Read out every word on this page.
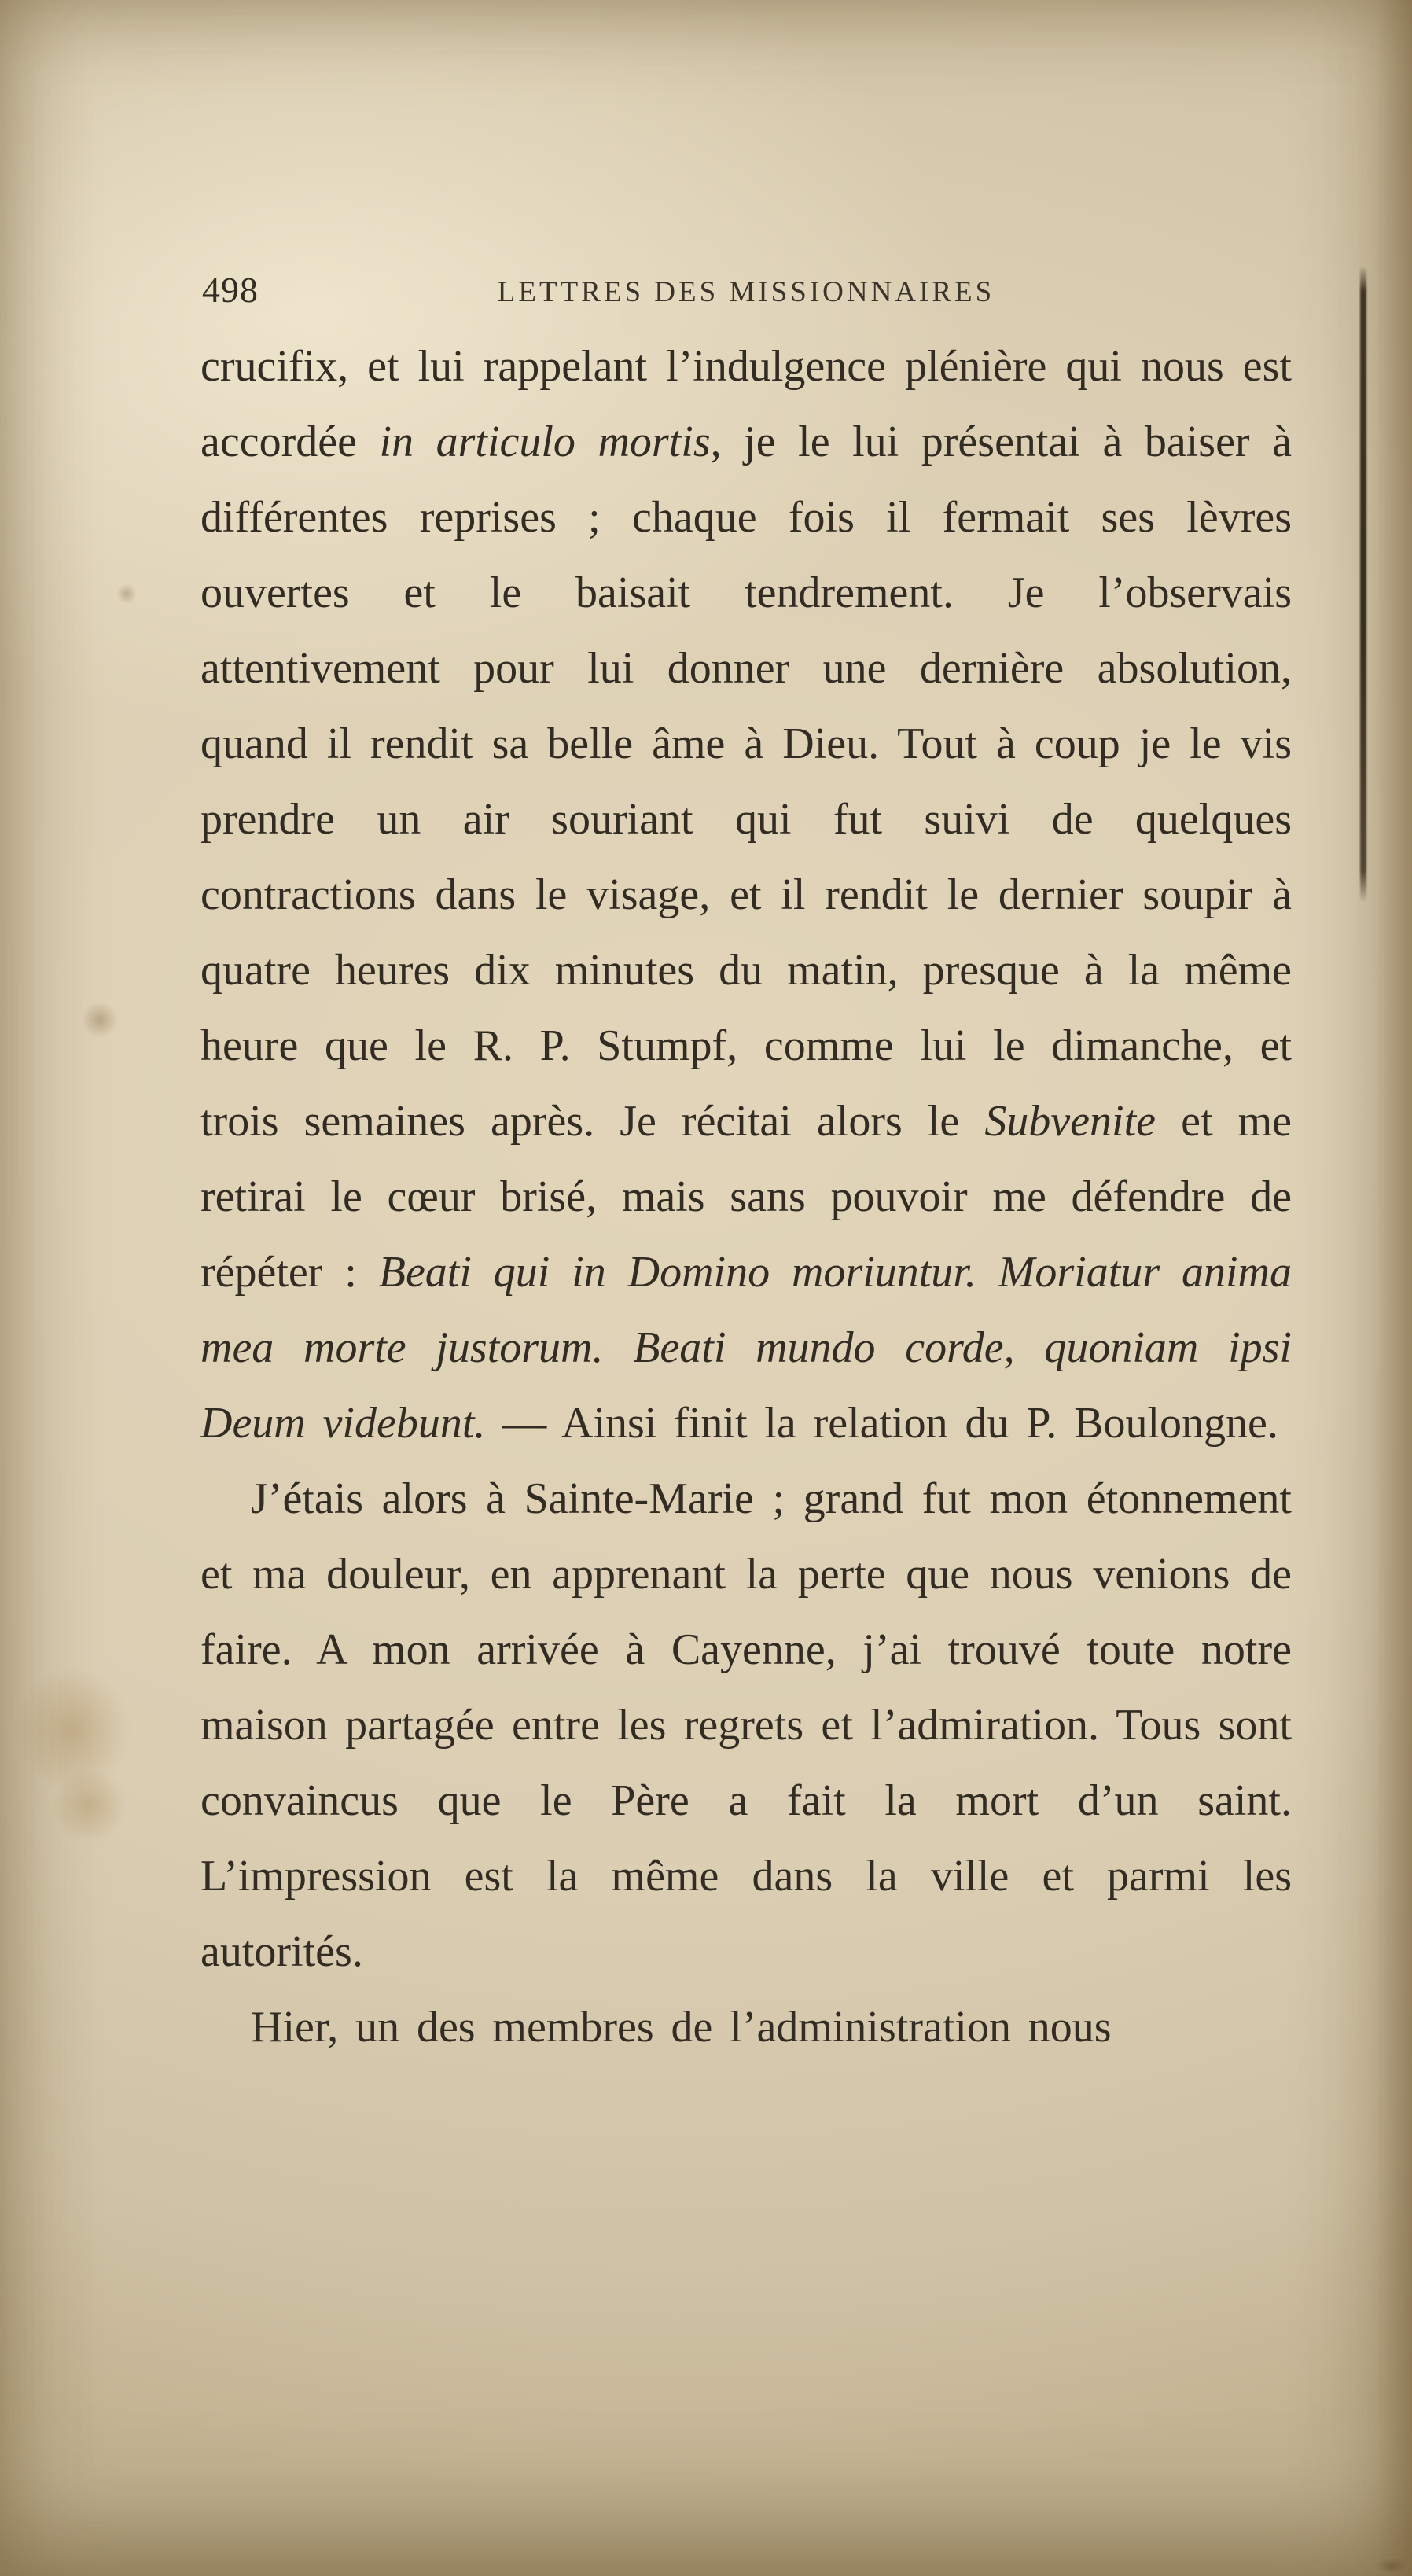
498	LETTRES DES MISSIONNAIRES

crucifix, et lui rappelant l’indulgence plénière qui nous est accordée in articulo mortis, je le lui présentai à baiser à différentes reprises ; chaque fois il fermait ses lèvres ouvertes et le baisait tendrement. Je l’observais attentivement pour lui donner une dernière absolution, quand il rendit sa belle âme à Dieu. Tout à coup je le vis prendre un air souriant qui fut suivi de quelques contractions dans le visage, et il rendit le dernier soupir à quatre heures dix minutes du matin, presque à la même heure que le R. P. Stumpf, comme lui le dimanche, et trois semaines après. Je récitai alors le Subvenite et me retirai le cœur brisé, mais sans pouvoir me défendre de répéter : Beati qui in Domino moriuntur. Moriatur anima mea morte justorum. Beati mundo corde, quoniam ipsi Deum videbunt. — Ainsi finit la relation du P. Boulongne.

J’étais alors à Sainte-Marie ; grand fut mon étonnement et ma douleur, en apprenant la perte que nous venions de faire. A mon arrivée à Cayenne, j’ai trouvé toute notre maison partagée entre les regrets et l’admiration. Tous sont convaincus que le Père a fait la mort d’un saint. L’impression est la même dans la ville et parmi les autorités.

Hier, un des membres de l’administration nous
